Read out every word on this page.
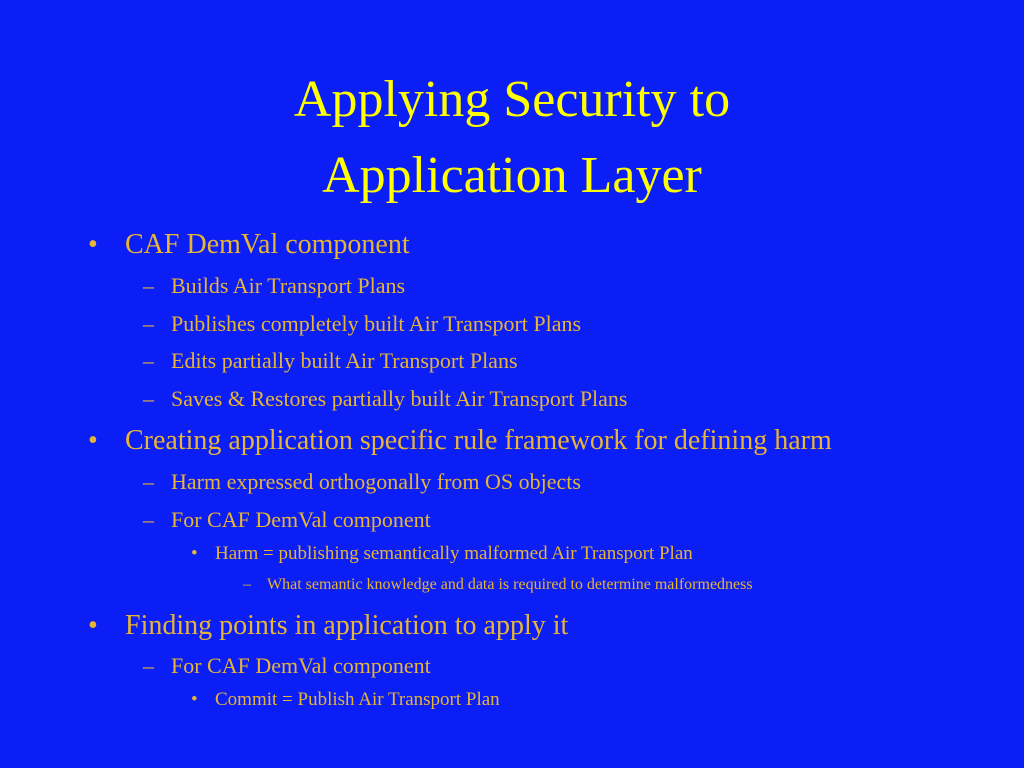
Applying Security to
Application Layer
• CAF DemVal component
– Builds Air Transport Plans
– Publishes completely built Air Transport Plans
– Edits partially built Air Transport Plans
– Saves & Restores partially built Air Transport Plans
• Creating application specific rule framework for defining harm
– Harm expressed orthogonally from OS objects
– For CAF DemVal component
• Harm = publishing semantically malformed Air Transport Plan
– What semantic knowledge and data is required to determine malformedness
• Finding points in application to apply it
– For CAF DemVal component
• Commit = Publish Air Transport Plan
